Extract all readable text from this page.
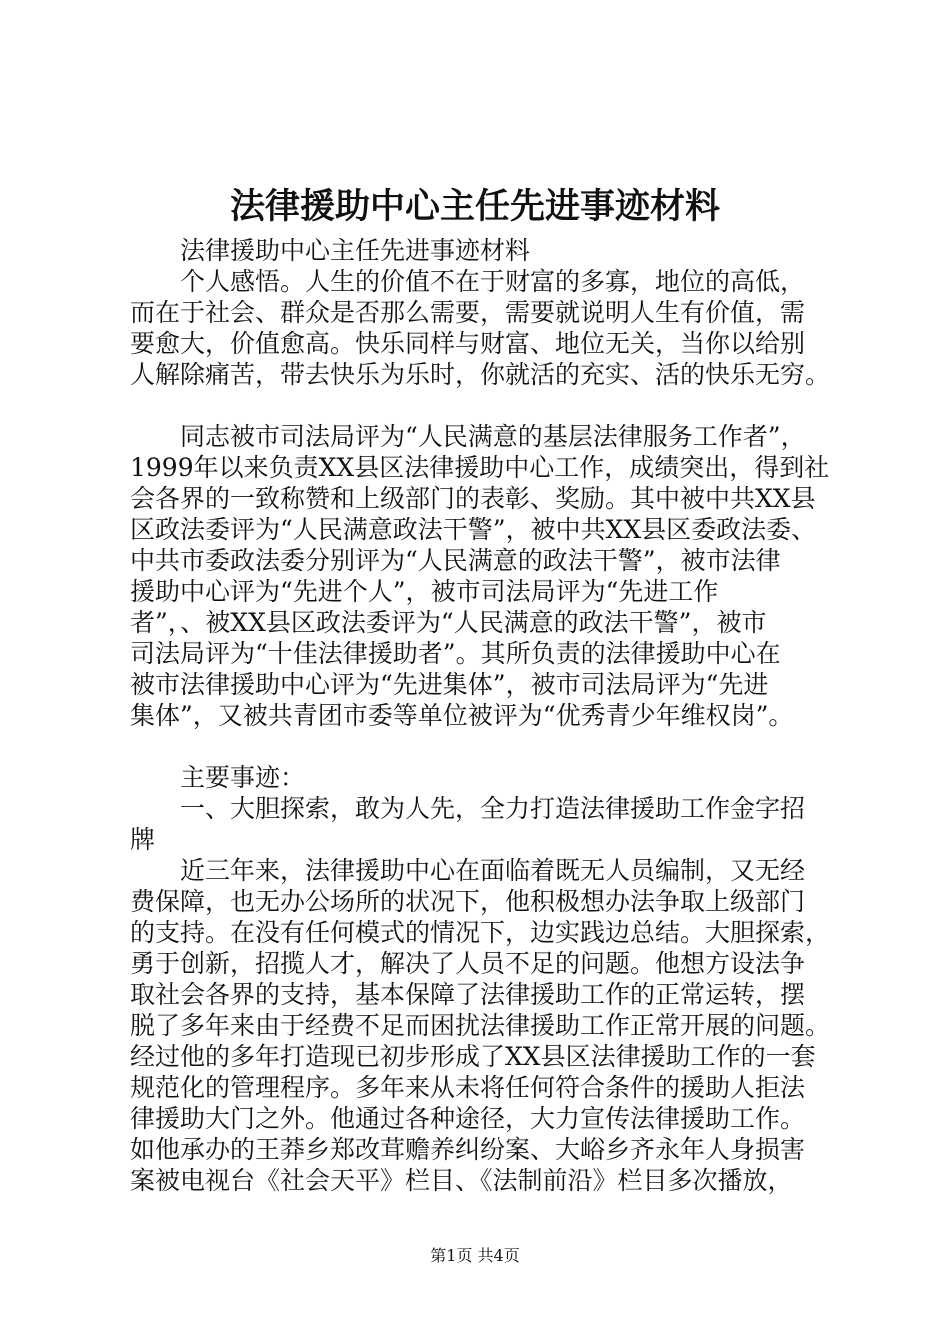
法律援助中心主任先进事迹材料
　　法律援助中心主任先进事迹材料
　　个人感悟。人生的价值不在于财富的多寡，地位的高低，
而在于社会、群众是否那么需要，需要就说明人生有价值，需
要愈大，价值愈高。快乐同样与财富、地位无关，当你以给别
人解除痛苦，带去快乐为乐时，你就活的充实、活的快乐无穷。
　　同志被市司法局评为“人民满意的基层法律服务工作者”，
1999年以来负责XX县区法律援助中心工作，成绩突出，得到社
会各界的一致称赞和上级部门的表彰、奖励。其中被中共XX县
区政法委评为“人民满意政法干警”，被中共XX县区委政法委、
中共市委政法委分别评为“人民满意的政法干警”，被市法律
援助中心评为“先进个人”，被市司法局评为“先进工作
者”，、被XX县区政法委评为“人民满意的政法干警”，被市
司法局评为“十佳法律援助者”。其所负责的法律援助中心在
被市法律援助中心评为“先进集体”，被市司法局评为“先进
集体”，又被共青团市委等单位被评为“优秀青少年维权岗”。
　　主要事迹：
　　一、大胆探索，敢为人先，全力打造法律援助工作金字招
牌
　　近三年来，法律援助中心在面临着既无人员编制，又无经
费保障，也无办公场所的状况下，他积极想办法争取上级部门
的支持。在没有任何模式的情况下，边实践边总结。大胆探索，
勇于创新，招揽人才，解决了人员不足的问题。他想方设法争
取社会各界的支持，基本保障了法律援助工作的正常运转，摆
脱了多年来由于经费不足而困扰法律援助工作正常开展的问题。
经过他的多年打造现已初步形成了XX县区法律援助工作的一套
规范化的管理程序。多年来从未将任何符合条件的援助人拒法
律援助大门之外。他通过各种途径，大力宣传法律援助工作。
如他承办的王莽乡郑改茸赡养纠纷案、大峪乡齐永年人身损害
案被电视台《社会天平》栏目、《法制前沿》栏目多次播放，
第1页 共4页
